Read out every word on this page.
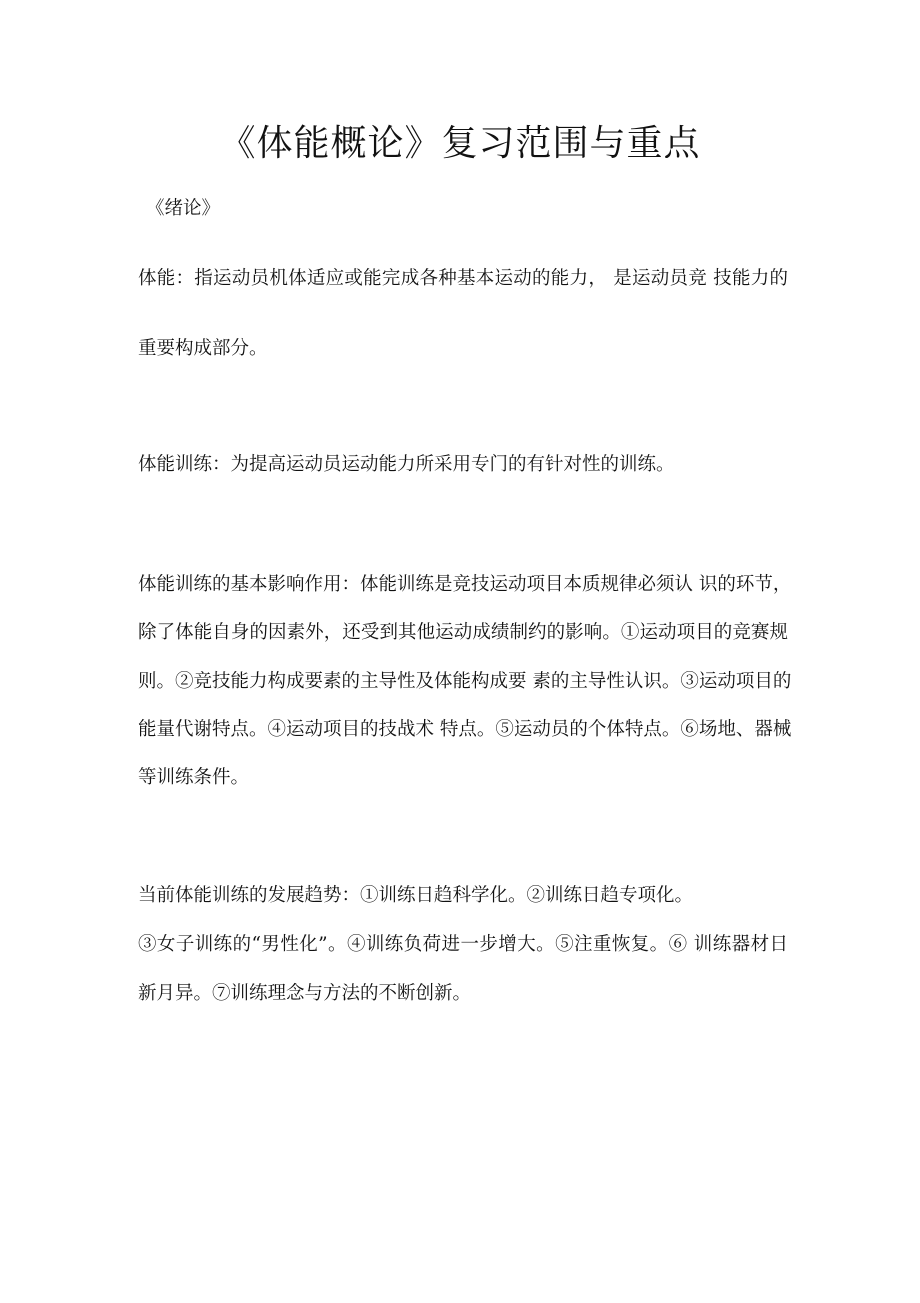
《体能概论》复习范围与重点

《绪论》

体能：指运动员机体适应或能完成各种基本运动的能力， 是运动员竞 技能力的

重要构成部分。

体能训练：为提高运动员运动能力所采用专门的有针对性的训练。

体能训练的基本影响作用：体能训练是竞技运动项目本质规律必须认 识的环节，

除了体能自身的因素外，还受到其他运动成绩制约的影响。①运动项目的竞赛规

则。②竞技能力构成要素的主导性及体能构成要 素的主导性认识。③运动项目的

能量代谢特点。④运动项目的技战术 特点。⑤运动员的个体特点。⑥场地、器械

等训练条件。

当前体能训练的发展趋势：①训练日趋科学化。②训练日趋专项化。

③女子训练的“男性化”。④训练负荷进一步增大。⑤注重恢复。⑥ 训练器材日

新月异。⑦训练理念与方法的不断创新。
